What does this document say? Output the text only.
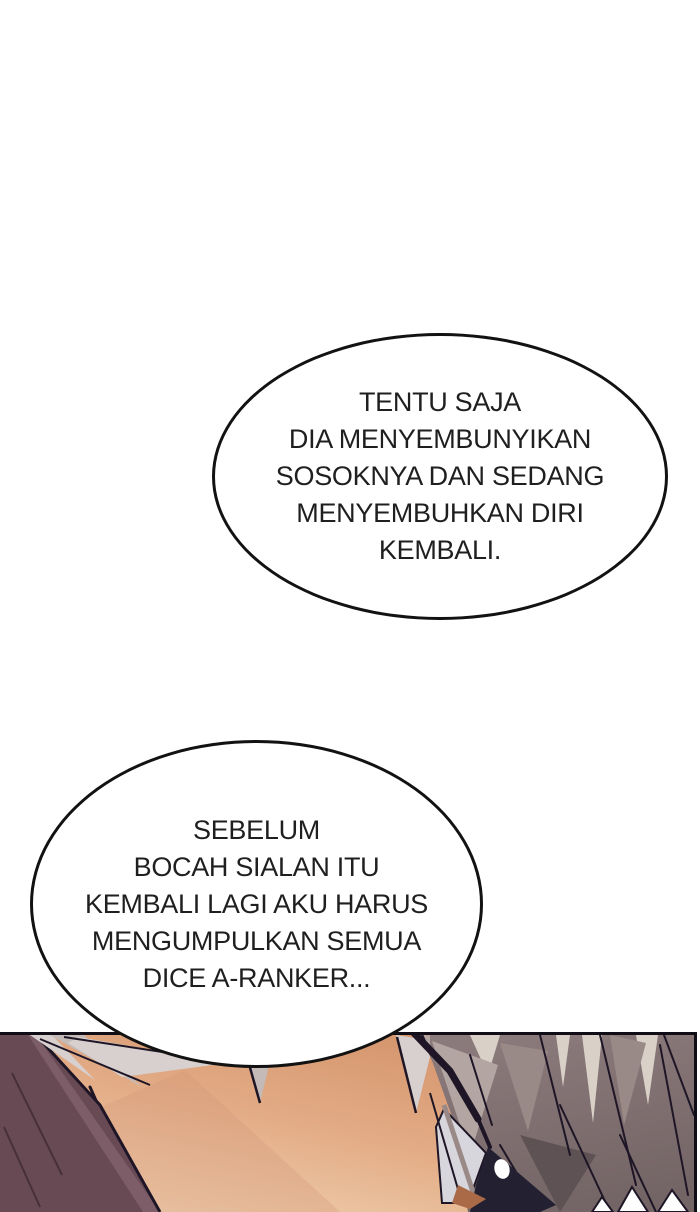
TENTU SAJA
DIA MENYEMBUNYIKAN
SOSOKNYA DAN SEDANG
MENYEMBUHKAN DIRI
KEMBALI.
SEBELUM
BOCAH SIALAN ITU
KEMBALI LAGI AKU HARUS
MENGUMPULKAN SEMUA
DICE A-RANKER...
